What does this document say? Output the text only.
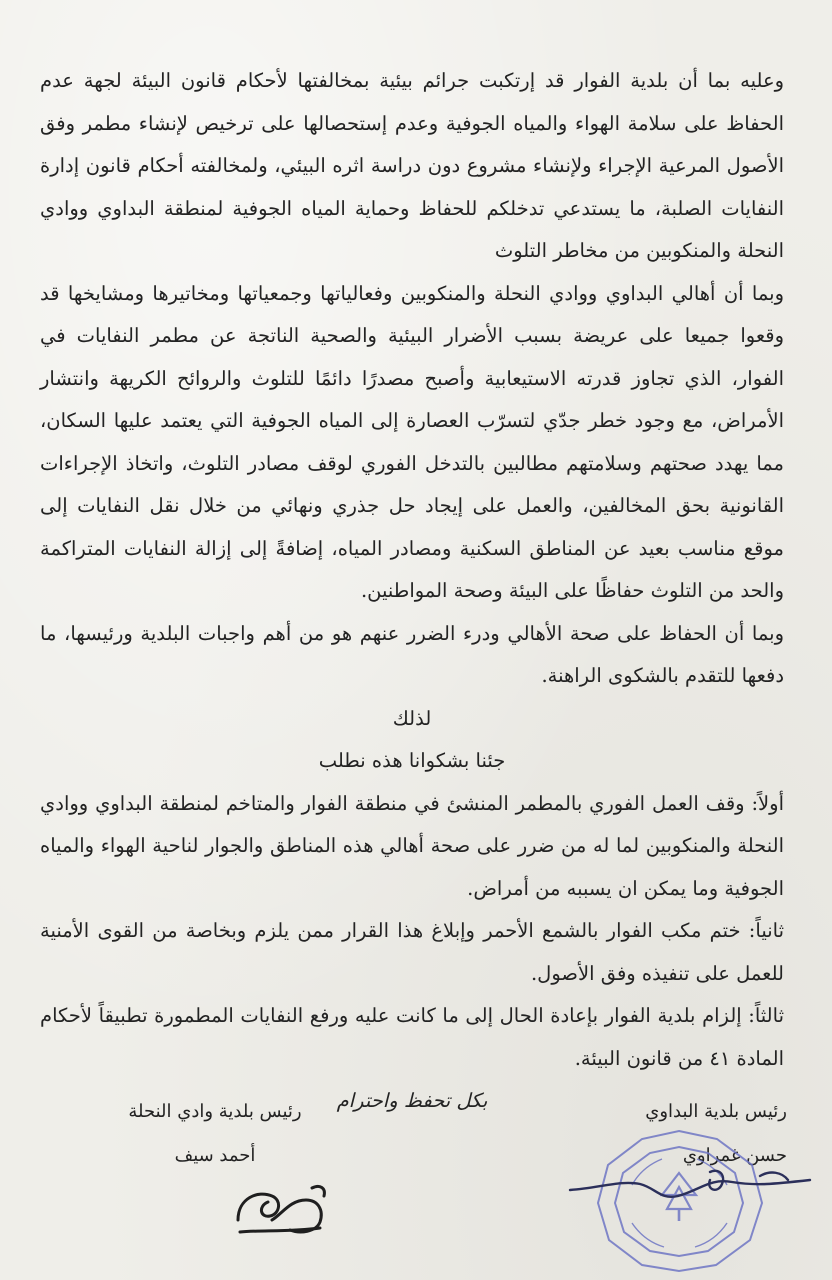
وعليه بما أن بلدية الفوار قد إرتكبت جرائم بيئية بمخالفتها لأحكام قانون البيئة لجهة عدم الحفاظ على سلامة الهواء والمياه الجوفية وعدم إستحصالها على ترخيص لإنشاء مطمر وفق الأصول المرعية الإجراء ولإنشاء مشروع دون دراسة اثره البيئي، ولمخالفته أحكام قانون إدارة النفايات الصلبة، ما يستدعي تدخلكم للحفاظ وحماية المياه الجوفية لمنطقة البداوي ووادي النحلة والمنكوبين من مخاطر التلوث

وبما أن أهالي البداوي ووادي النحلة والمنكوبين وفعالياتها وجمعياتها ومخاتيرها ومشايخها قد وقعوا جميعا على عريضة بسبب الأضرار البيئية والصحية الناتجة عن مطمر النفايات في الفوار، الذي تجاوز قدرته الاستيعابية وأصبح مصدرًا دائمًا للتلوث والروائح الكريهة وانتشار الأمراض، مع وجود خطر جدّي لتسرّب العصارة إلى المياه الجوفية التي يعتمد عليها السكان، مما يهدد صحتهم وسلامتهم مطالبين بالتدخل الفوري لوقف مصادر التلوث، واتخاذ الإجراءات القانونية بحق المخالفين، والعمل على إيجاد حل جذري ونهائي من خلال نقل النفايات إلى موقع مناسب بعيد عن المناطق السكنية ومصادر المياه، إضافةً إلى إزالة النفايات المتراكمة والحد من التلوث حفاظًا على البيئة وصحة المواطنين.

وبما أن الحفاظ على صحة الأهالي ودرء الضرر عنهم هو من أهم واجبات البلدية ورئيسها، ما دفعها للتقدم بالشكوى الراهنة.

لذلك

جئنا بشكوانا هذه نطلب

أولاً: وقف العمل الفوري بالمطمر المنشئ في منطقة الفوار والمتاخم لمنطقة البداوي ووادي النحلة والمنكوبين لما له من ضرر على صحة أهالي هذه المناطق والجوار لناحية الهواء والمياه الجوفية وما يمكن ان يسببه من أمراض.

ثانياً: ختم مكب الفوار بالشمع الأحمر وإبلاغ هذا القرار ممن يلزم وبخاصة من القوى الأمنية للعمل على تنفيذه وفق الأصول.

ثالثاً: إلزام بلدية الفوار بإعادة الحال إلى ما كانت عليه ورفع النفايات المطمورة تطبيقاً لأحكام المادة ٤١ من قانون البيئة.

بكل تحفظ واحترام	رئيس بلدية البداوي
حسن غمراوي
رئيس بلدية وادي النحلة
أحمد سيف
